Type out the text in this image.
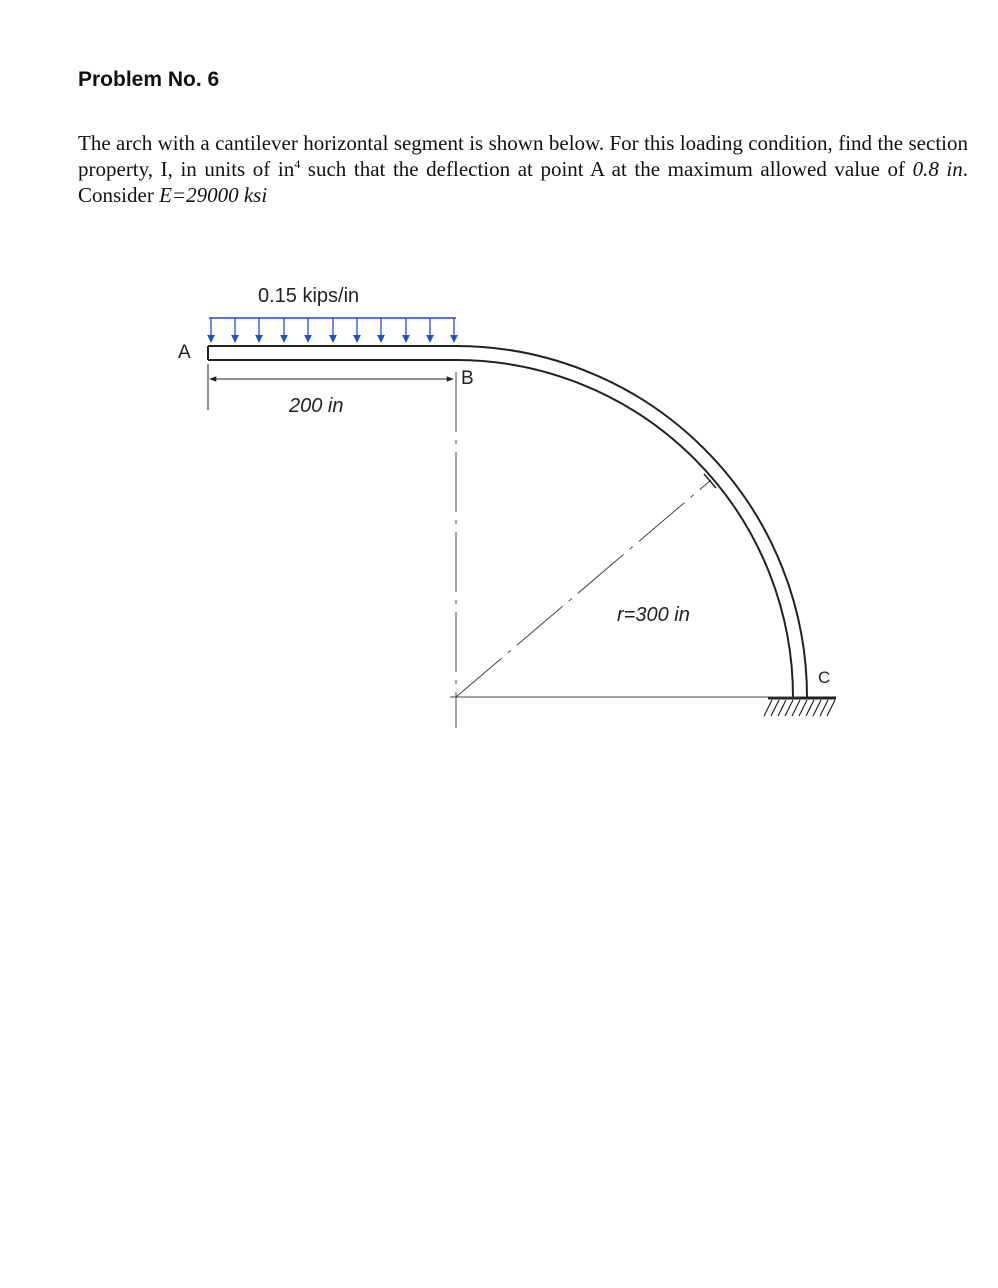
Problem No. 6

The arch with a cantilever horizontal segment is shown below. For this loading condition, find the section property, I, in units of $in^4$ such that the deflection at point A at the maximum allowed value of 0.8 in. Consider E=29000 ksi

0.15 kips/in
200 in
A
B
C
r=300 in
